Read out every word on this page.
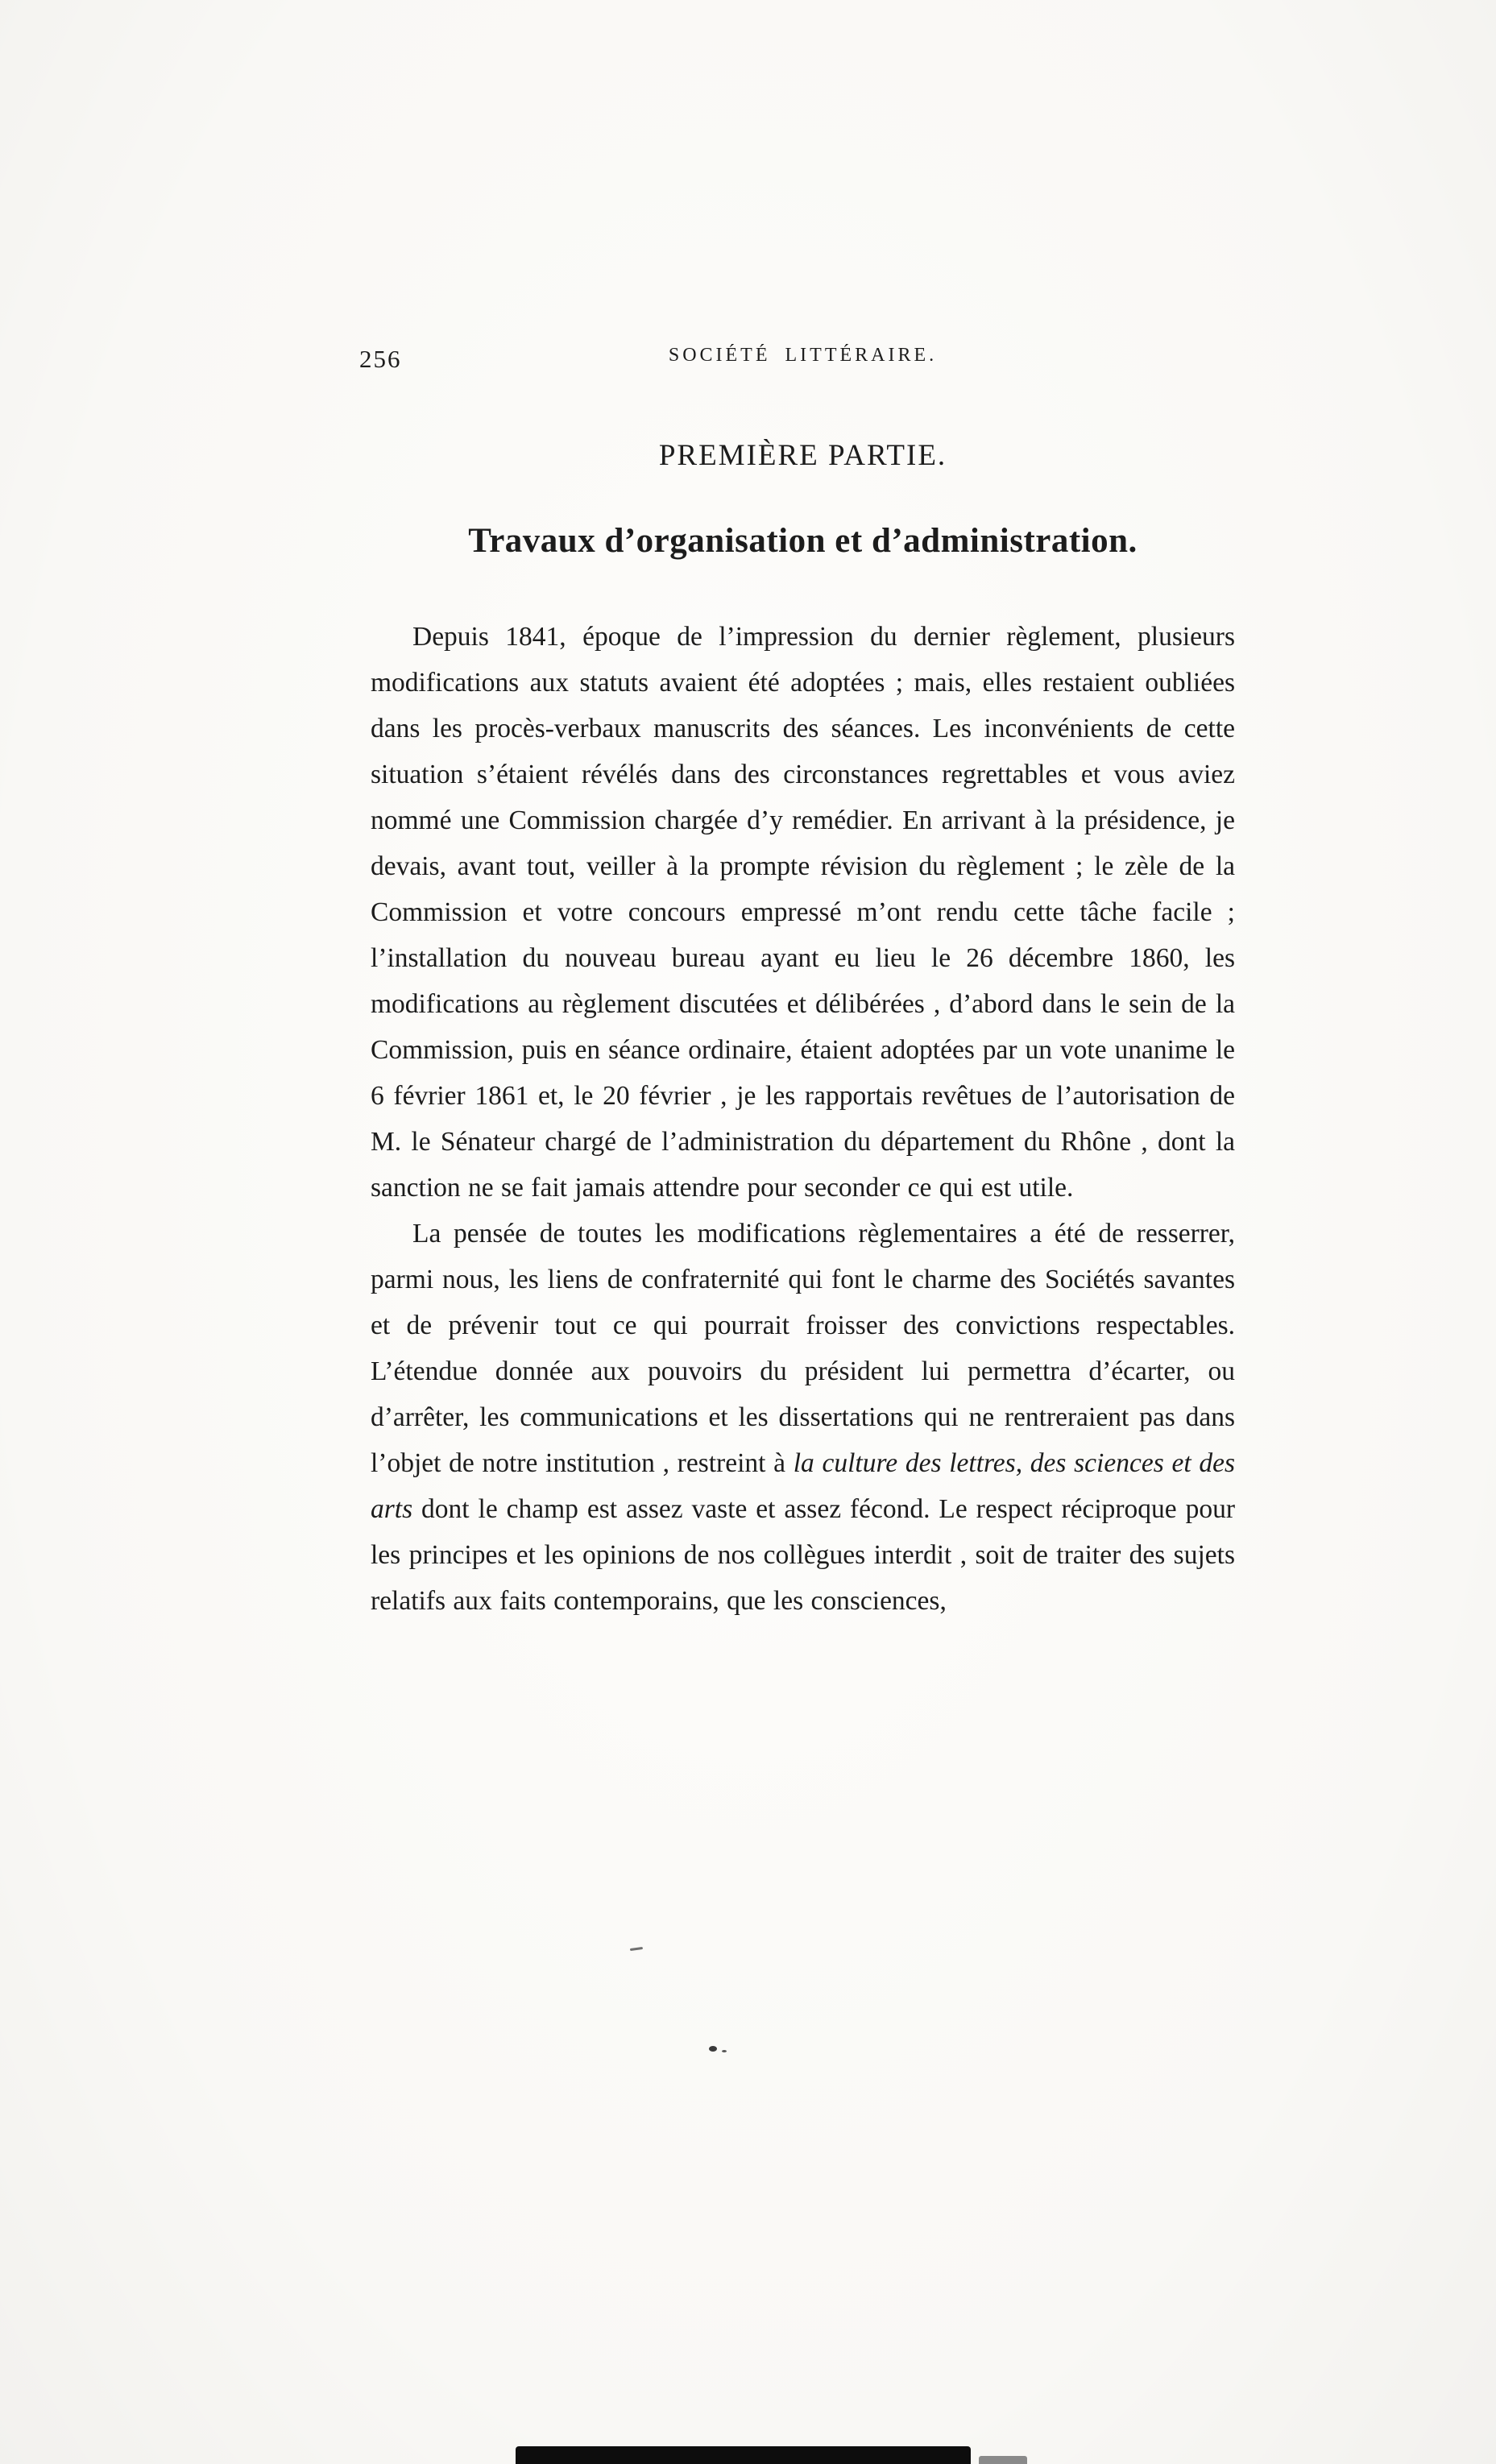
256	SOCIÉTÉ LITTÉRAIRE.
PREMIÈRE PARTIE.
Travaux d’organisation et d’administration.

Depuis 1841, époque de l’impression du dernier règlement, plusieurs modifications aux statuts avaient été adoptées ; mais, elles restaient oubliées dans les procès-verbaux manuscrits des séances. Les inconvénients de cette situation s’étaient révélés dans des circonstances regrettables et vous aviez nommé une Commission chargée d’y remédier. En arrivant à la présidence, je devais, avant tout, veiller à la prompte révision du règlement ; le zèle de la Commission et votre concours empressé m’ont rendu cette tâche facile ; l’installation du nouveau bureau ayant eu lieu le 26 décembre 1860, les modifications au règlement discutées et délibérées , d’abord dans le sein de la Commission, puis en séance ordinaire, étaient adoptées par un vote unanime le 6 février 1861 et, le 20 février , je les rapportais revêtues de l’autorisation de M. le Sénateur chargé de l’administration du département du Rhône , dont la sanction ne se fait jamais attendre pour seconder ce qui est utile.

La pensée de toutes les modifications règlementaires a été de resserrer, parmi nous, les liens de confraternité qui font le charme des Sociétés savantes et de prévenir tout ce qui pourrait froisser des convictions respectables. L’étendue donnée aux pouvoirs du président lui permettra d’écarter, ou d’arrêter, les communications et les dissertations qui ne rentreraient pas dans l’objet de notre institution , restreint à la culture des lettres, des sciences et des arts dont le champ est assez vaste et assez fécond. Le respect réciproque pour les principes et les opinions de nos collègues interdit , soit de traiter des sujets relatifs aux faits contemporains, que les consciences,
